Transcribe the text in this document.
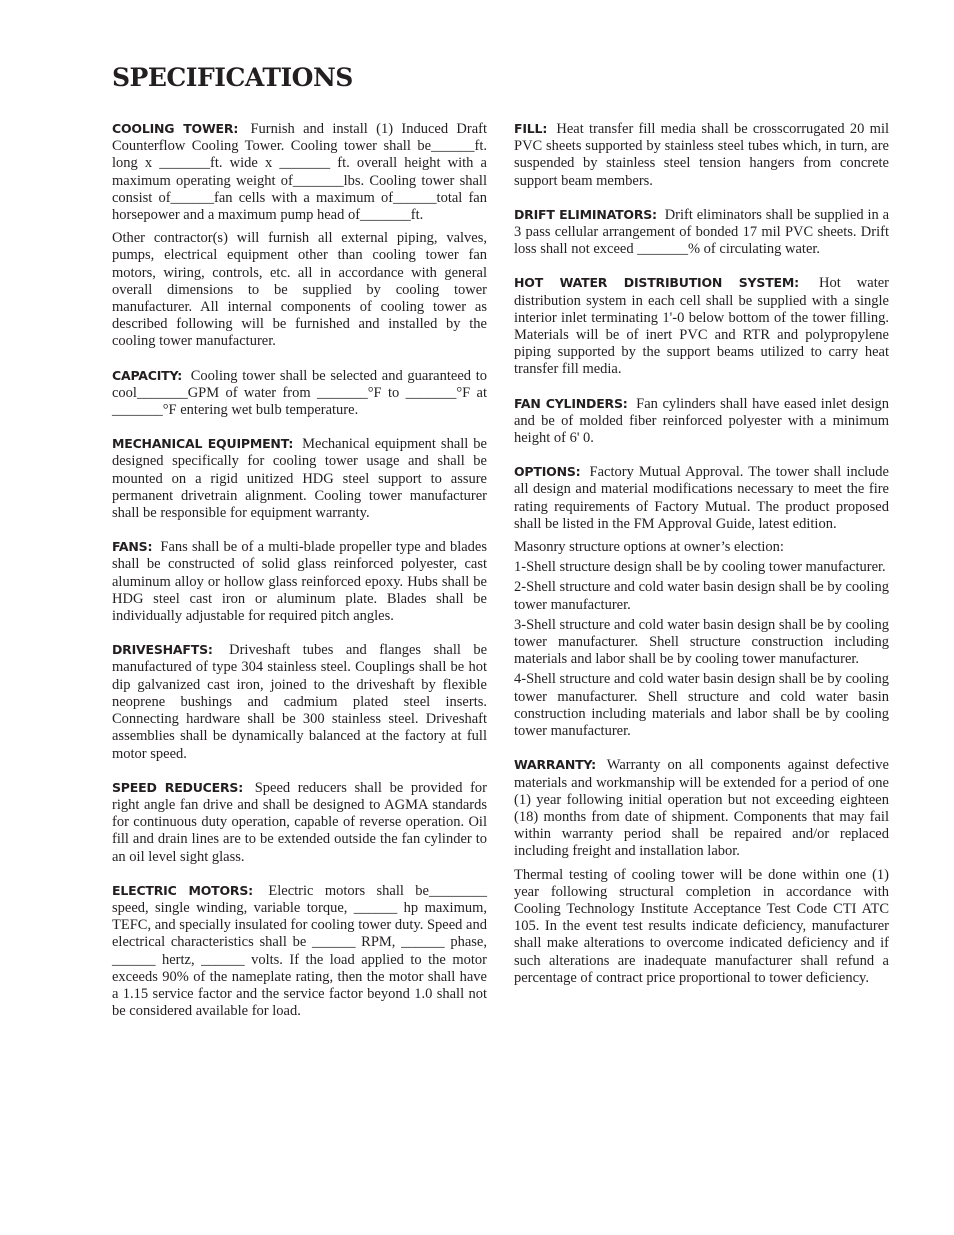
SPECIFICATIONS

COOLING TOWER: Furnish and install (1) Induced Draft Counterflow Cooling Tower. Cooling tower shall be______ft. long x _______ft. wide x _______ ft. overall height with a maximum operating weight of_______lbs. Cooling tower shall consist of______fan cells with a maximum of______total fan horsepower and a maximum pump head of_______ft.

Other contractor(s) will furnish all external piping, valves, pumps, electrical equipment other than cooling tower fan motors, wiring, controls, etc. all in accordance with general overall dimensions to be supplied by cooling tower manufacturer. All internal components of cooling tower as described following will be furnished and installed by the cooling tower manufacturer.

CAPACITY: Cooling tower shall be selected and guaranteed to cool_______GPM of water from _______°F to _______°F at _______°F entering wet bulb temperature.

MECHANICAL EQUIPMENT: Mechanical equipment shall be designed specifically for cooling tower usage and shall be mounted on a rigid unitized HDG steel support to assure permanent drivetrain alignment. Cooling tower manufacturer shall be responsible for equipment warranty.

FANS: Fans shall be of a multi-blade propeller type and blades shall be constructed of solid glass reinforced polyester, cast aluminum alloy or hollow glass reinforced epoxy. Hubs shall be HDG steel cast iron or aluminum plate. Blades shall be individually adjustable for required pitch angles.

DRIVESHAFTS: Driveshaft tubes and flanges shall be manufactured of type 304 stainless steel. Couplings shall be hot dip galvanized cast iron, joined to the driveshaft by flexible neoprene bushings and cadmium plated steel inserts. Connecting hardware shall be 300 stainless steel. Driveshaft assemblies shall be dynamically balanced at the factory at full motor speed.

SPEED REDUCERS: Speed reducers shall be provided for right angle fan drive and shall be designed to AGMA standards for continuous duty operation, capable of reverse operation. Oil fill and drain lines are to be extended outside the fan cylinder to an oil level sight glass.

ELECTRIC MOTORS: Electric motors shall be________ speed, single winding, variable torque, ______ hp maximum, TEFC, and specially insulated for cooling tower duty. Speed and electrical characteristics shall be ______ RPM, ______ phase, ______ hertz, ______ volts. If the load applied to the motor exceeds 90% of the nameplate rating, then the motor shall have a 1.15 service factor and the service factor beyond 1.0 shall not be considered available for load.

FILL: Heat transfer fill media shall be crosscorrugated 20 mil PVC sheets supported by stainless steel tubes which, in turn, are suspended by stainless steel tension hangers from concrete support beam members.

DRIFT ELIMINATORS: Drift eliminators shall be supplied in a 3 pass cellular arrangement of bonded 17 mil PVC sheets. Drift loss shall not exceed _______% of circulating water.

HOT WATER DISTRIBUTION SYSTEM: Hot water distribution system in each cell shall be supplied with a single interior inlet terminating 1'-0 below bottom of the tower filling. Materials will be of inert PVC and RTR and polypropylene piping supported by the support beams utilized to carry heat transfer fill media.

FAN CYLINDERS: Fan cylinders shall have eased inlet design and be of molded fiber reinforced polyester with a minimum height of 6' 0.

OPTIONS: Factory Mutual Approval. The tower shall include all design and material modifications necessary to meet the fire rating requirements of Factory Mutual. The product proposed shall be listed in the FM Approval Guide, latest edition.

Masonry structure options at owner’s election:

1-Shell structure design shall be by cooling tower manufacturer.

2-Shell structure and cold water basin design shall be by cooling tower manufacturer.

3-Shell structure and cold water basin design shall be by cooling tower manufacturer. Shell structure construction including materials and labor shall be by cooling tower manufacturer.

4-Shell structure and cold water basin design shall be by cooling tower manufacturer. Shell structure and cold water basin construction including materials and labor shall be by cooling tower manufacturer.

WARRANTY: Warranty on all components against defective materials and workmanship will be extended for a period of one (1) year following initial operation but not exceeding eighteen (18) months from date of shipment. Components that may fail within warranty period shall be repaired and/or replaced including freight and installation labor.

Thermal testing of cooling tower will be done within one (1) year following structural completion in accordance with Cooling Technology Institute Acceptance Test Code CTI ATC 105. In the event test results indicate deficiency, manufacturer shall make alterations to overcome indicated deficiency and if such alterations are inadequate manufacturer shall refund a percentage of contract price proportional to tower deficiency.
